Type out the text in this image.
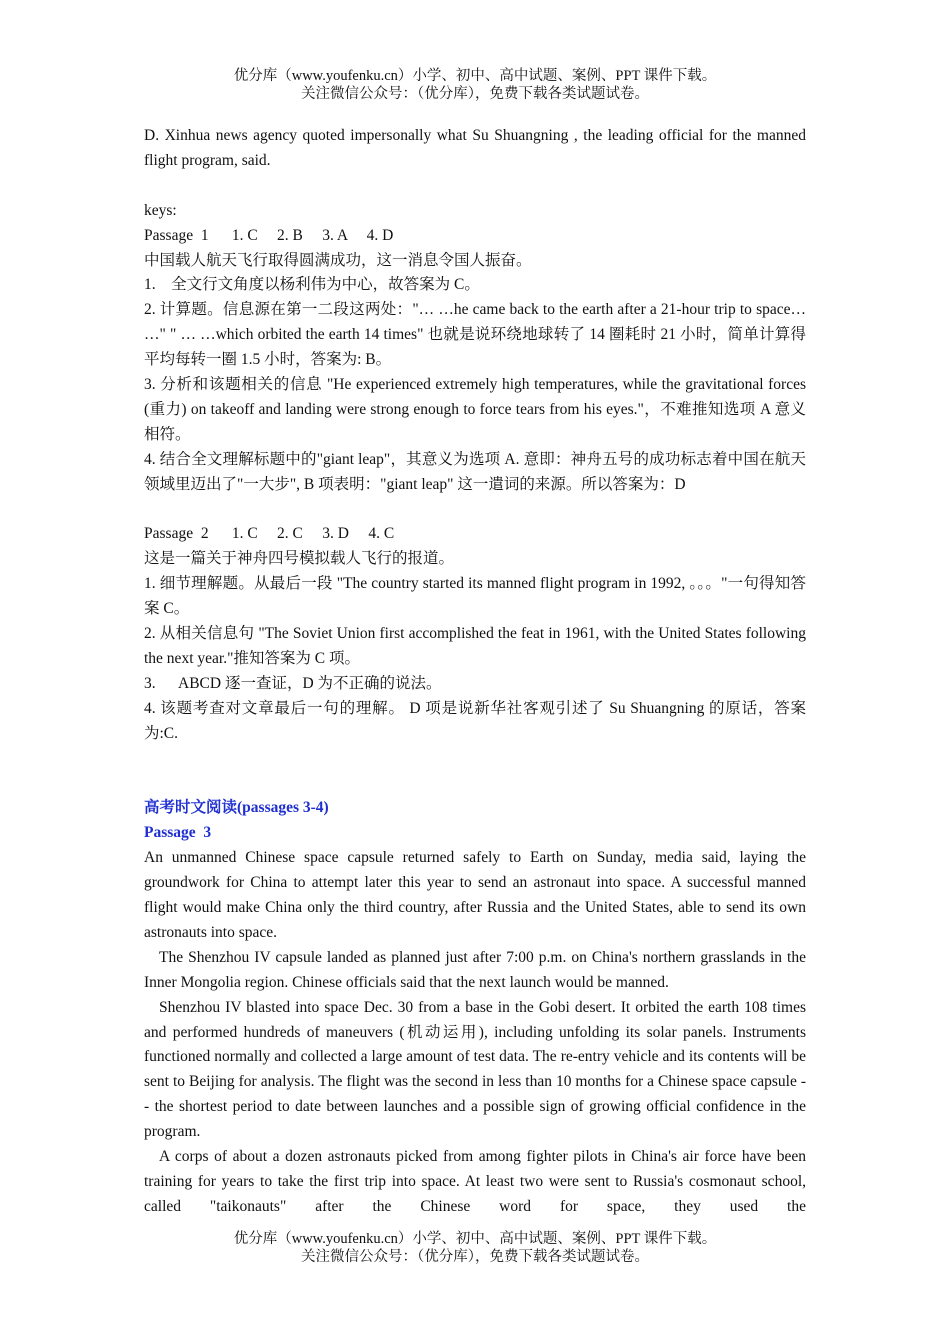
优分库（www.youfenku.cn）小学、初中、高中试题、案例、PPT 课件下载。
关注微信公众号：（优分库），免费下载各类试题试卷。

D. Xinhua news agency quoted impersonally what Su Shuangning , the leading official for the manned flight program, said.

keys:

Passage  1      1. C     2. B     3. A     4. D

中国载人航天飞行取得圆满成功，这一消息令国人振奋。

1.    全文行文角度以杨利伟为中心，故答案为 C。

2. 计算题。信息源在第一二段这两处："… …he came back to the earth after a 21-hour trip to space… …" " … …which orbited the earth 14 times" 也就是说环绕地球转了 14 圈耗时 21 小时，简单计算得平均每转一圈 1.5 小时，答案为: B。

3. 分析和该题相关的信息 "He experienced extremely high temperatures, while the gravitational forces (重力) on takeoff and landing were strong enough to force tears from his eyes."，不难推知选项 A 意义相符。

4. 结合全文理解标题中的"giant leap"，其意义为选项 A. 意即：神舟五号的成功标志着中国在航天领域里迈出了"一大步", B 项表明："giant leap" 这一遣词的来源。所以答案为：D

Passage  2      1. C     2. C     3. D     4. C

这是一篇关于神舟四号模拟载人飞行的报道。

1. 细节理解题。从最后一段 "The country started its manned flight program in 1992, 。。。"一句得知答案 C。

2. 从相关信息句 "The Soviet Union first accomplished the feat in 1961, with the United States following the next year."推知答案为 C 项。

3.      ABCD 逐一查证，D 为不正确的说法。

4. 该题考查对文章最后一句的理解。 D 项是说新华社客观引述了 Su Shuangning 的原话，答案为:C.

高考时文阅读(passages 3-4)

Passage  3

An unmanned Chinese space capsule returned safely to Earth on Sunday, media said, laying the groundwork for China to attempt later this year to send an astronaut into space. A successful manned flight would make China only the third country, after Russia and the United States, able to send its own astronauts into space.

The Shenzhou IV capsule landed as planned just after 7:00 p.m. on China's northern grasslands in the Inner Mongolia region. Chinese officials said that the next launch would be manned.

Shenzhou IV blasted into space Dec. 30 from a base in the Gobi desert. It orbited the earth 108 times and performed hundreds of maneuvers (机动运用), including unfolding its solar panels. Instruments functioned normally and collected a large amount of test data. The re-entry vehicle and its contents will be sent to Beijing for analysis. The flight was the second in less than 10 months for a Chinese space capsule -- the shortest period to date between launches and a possible sign of growing official confidence in the program.

A corps of about a dozen astronauts picked from among fighter pilots in China's air force have been training for years to take the first trip into space. At least two were sent to Russia's cosmonaut school, called "taikonauts" after the Chinese word for space, they used the

优分库（www.youfenku.cn）小学、初中、高中试题、案例、PPT 课件下载。
关注微信公众号：（优分库），免费下载各类试题试卷。
